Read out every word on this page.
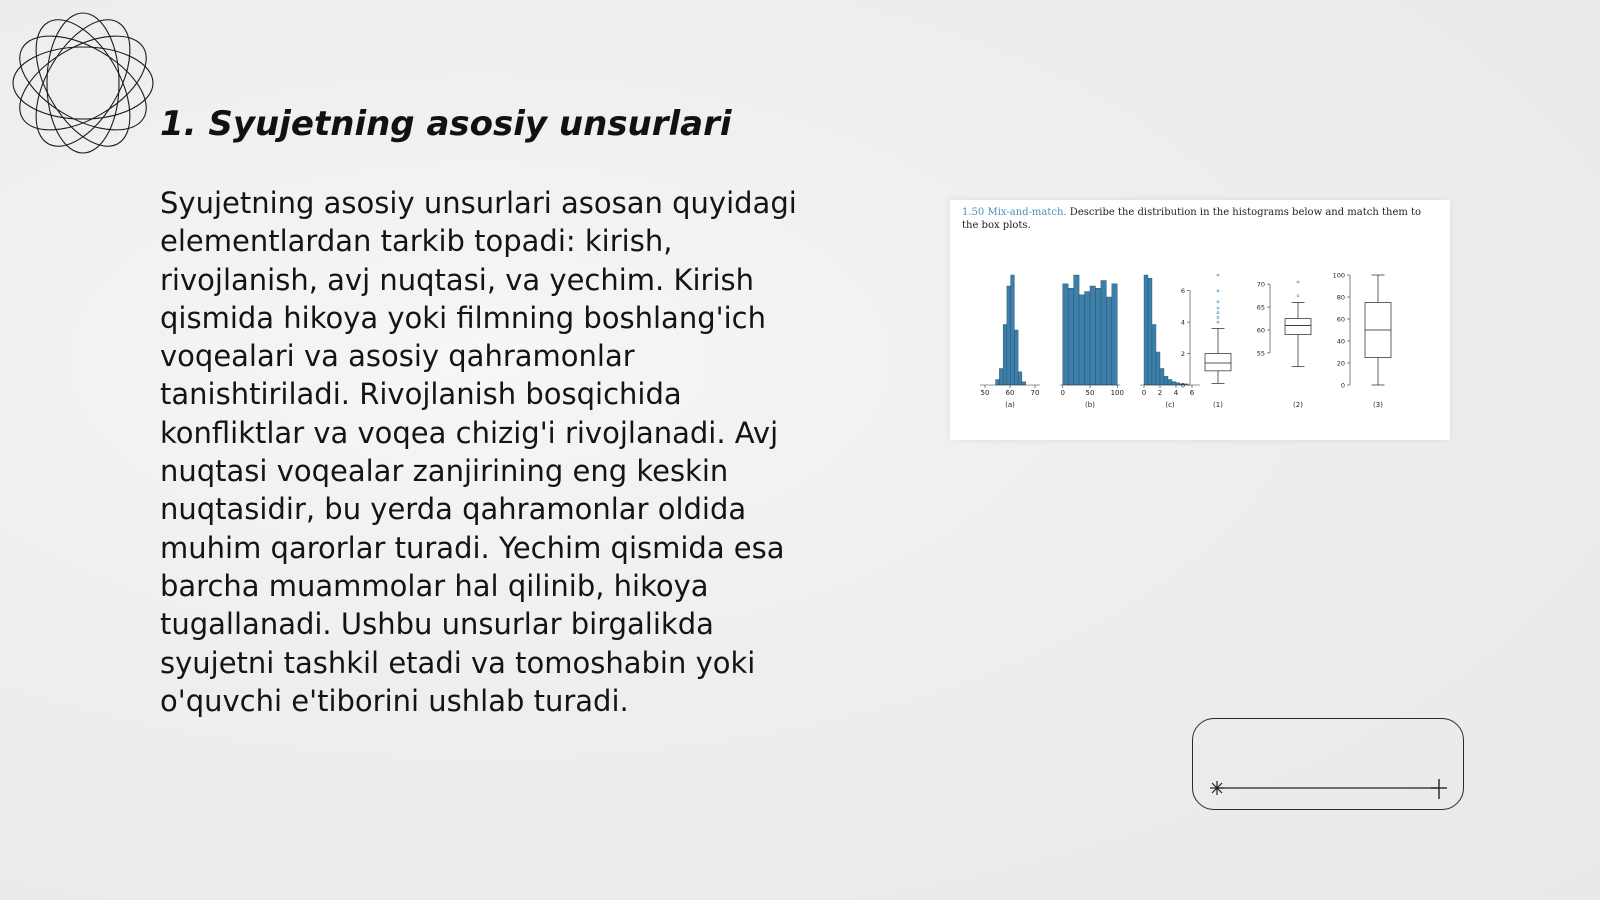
1. Syujetning asosiy unsurlari

Syujetning asosiy unsurlari asosan quyidagi elementlardan tarkib topadi: kirish, rivojlanish, avj nuqtasi, va yechim. Kirish qismida hikoya yoki filmning boshlang'ich voqealari va asosiy qahramonlar tanishtiriladi. Rivojlanish bosqichida konfliktlar va voqea chizig'i rivojlanadi. Avj nuqtasi voqealar zanjirining eng keskin nuqtasidir, bu yerda qahramonlar oldida muhim qarorlar turadi. Yechim qismida esa barcha muammolar hal qilinib, hikoya tugallanadi. Ushbu unsurlar birgalikda syujetni tashkil etadi va tomoshabin yoki o'quvchi e'tiborini ushlab turadi.

1.50 Mix-and-match. Describe the distribution in the histograms below and match them to the box plots.
50 60 70
(a)
0	50 100
(b)
0 2 4 6
(c)
0
2
4
6
(1)
55
60
65
70
(2)
0
20
40
60
80
100
(3)
